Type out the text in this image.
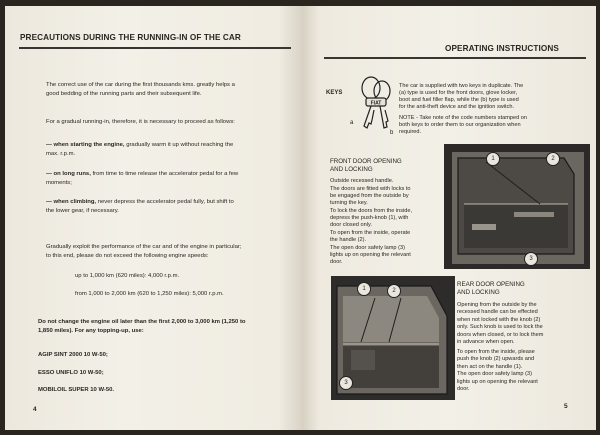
PRECAUTIONS DURING THE RUNNING-IN OF THE CAR
The correct use of the car during the first thousands kms. greatly helps a
good bedding of the running parts and their subsequent life.
For a gradual running-in, therefore, it is necessary to proceed as follows:
— when starting the engine, gradually warm it up without reaching the
max. r.p.m.
— on long runs, from time to time release the accelerator pedal for a few
moments;
— when climbing, never depress the accelerator pedal fully, but shift to
the lower gear, if necessary.
Gradually exploit the performance of the car and of the engine in particular;
to this end, please do not exceed the following engine speeds:
up to 1,000 km (620 miles): 4,000 r.p.m.
from 1,000 to 2,000 km (620 to 1,250 miles): 5,000 r.p.m.
Do not change the engine oil later than the first 2,000 to 3,000 km (1,250 to
1,850 miles). For any topping-up, use:
AGIP SINT 2000 10 W-50;
ESSO UNIFLO 10 W-50;
MOBILOIL SUPER 10 W-50.
4
OPERATING INSTRUCTIONS
KEYS
FIAT
a
b
The car is supplied with two keys in duplicate. The
(a) type is used for the front doors, glove locker,
boot and fuel filler flap, while the (b) type is used
for the anti-theft device and the ignition switch.
NOTE - Take note of the code numbers stamped on
both keys to order them to our organization when
required.
FRONT DOOR OPENING
AND LOCKING
Outside recessed handle.
The doors are fitted with locks to
be engaged from the outside by
turning the key.
To lock the doors from the inside,
depress the push-knob (1), with
door closed only.
To open from the inside, operate
the handle (2).
The open door safety lamp (3)
lights up on opening the relevant
door.
1	2
3
1	2
3
REAR DOOR OPENING
AND LOCKING
Opening from the outside by the
recessed handle can be effected
when not locked with the knob (2)
only. Such knob is used to lock the
doors when closed, or to lock them
in advance when open.
To open from the inside, please
push the knob (2) upwards and
then act on the handle (1).
The open door safety lamp (3)
lights up on opening the relevant
door.
5
